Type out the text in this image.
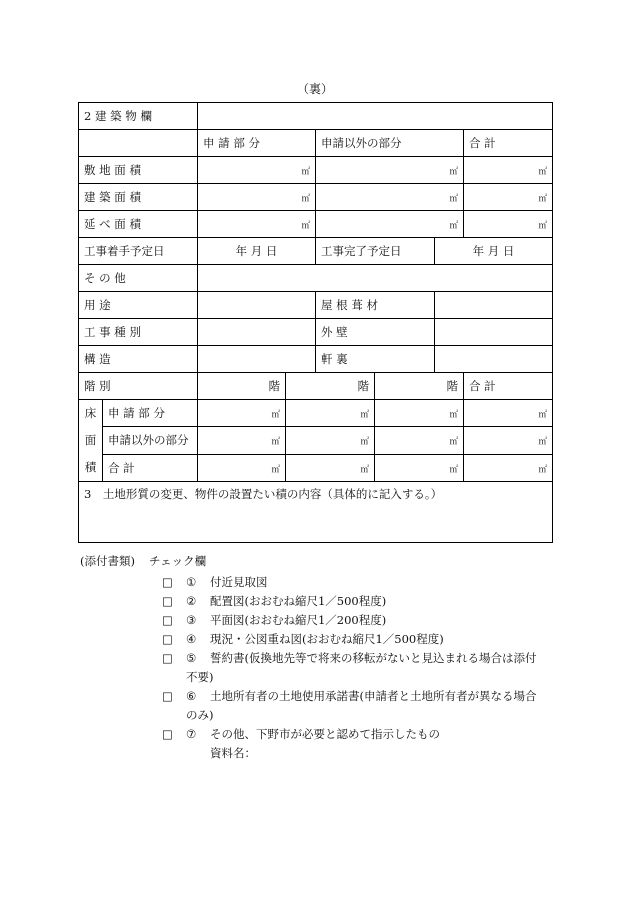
（裏）
2 建 築 物 欄							
		申 請 部 分		申請以外の部分			合 計
敷 地 面 積		㎡		㎡			㎡
建 築 面 積		㎡		㎡			㎡
延 べ 面 積		㎡		㎡			㎡
工事着手予定日		年 月 日		工事完了予定日		年 月 日	
そ の 他							
用 途				屋 根 葺 材			
工 事 種 別				外 壁			
構 造				軒 裏			
階 別		階	階		階		合 計

床
面
積	申 請 部 分	㎡	㎡		㎡		㎡
	申請以外の部分	㎡	㎡		㎡		㎡
	合 計	㎡	㎡		㎡		㎡
3　土地形質の変更、物件の設置たい積の内容（具体的に記入する。）							
(添付書類) チェック欄
□	①	付近見取図
□	②	配置図(おおむね縮尺1／500程度)
□	③	平面図(おおむね縮尺1／200程度)
□	④	現況・公図重ね図(おおむね縮尺1／500程度)
□	⑤	誓約書(仮換地先等で将来の移転がないと見込まれる場合は添付
不要)
□	⑥	土地所有者の土地使用承諾書(申請者と土地所有者が異なる場合
のみ)
□	⑦	その他、下野市が必要と認めて指示したもの
資料名：
